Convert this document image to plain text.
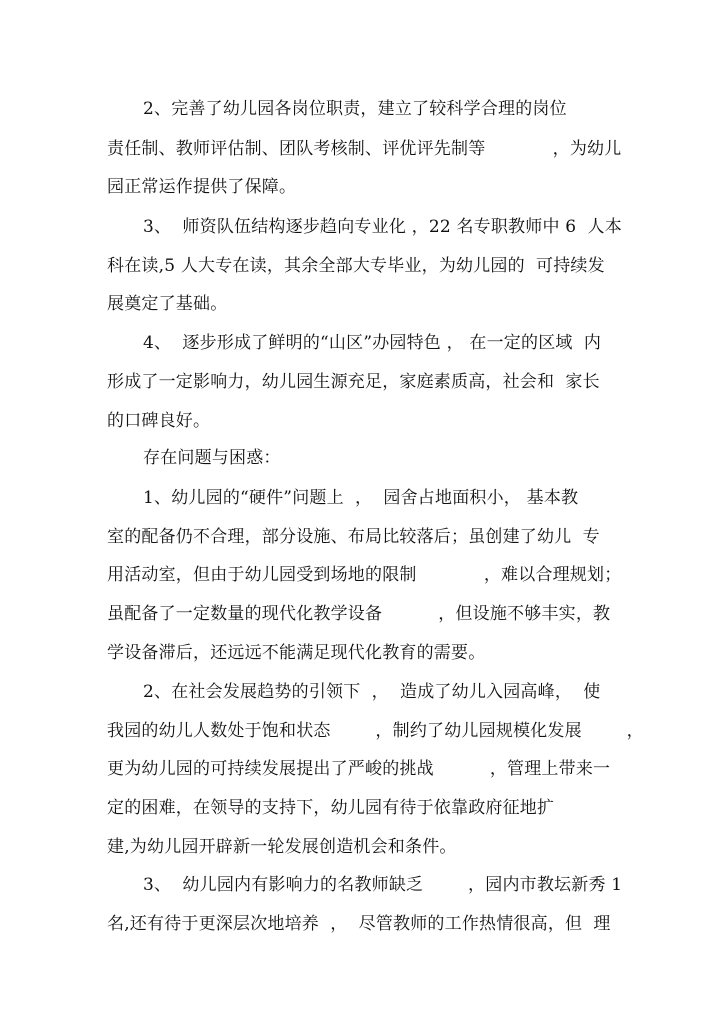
2、完善了幼儿园各岗位职责，建立了较科学合理的岗位
责任制、教师评估制、团队考核制、评优评先制等            ，为幼儿
园正常运作提供了保障。
3、  师资队伍结构逐步趋向专业化 ，22 名专职教师中 6  人本
科在读,5 人大专在读，其余全部大专毕业，为幼儿园的  可持续发
展奠定了基础。
4、  逐步形成了鲜明的“山区”办园特色 ， 在一定的区域  内
形成了一定影响力，幼儿园生源充足，家庭素质高，社会和  家长
的口碑良好。
存在问题与困惑：
1、幼儿园的“硬件”问题上  ，  园舍占地面积小， 基本教
室的配备仍不合理，部分设施、布局比较落后；虽创建了幼儿  专
用活动室，但由于幼儿园受到场地的限制            ，难以合理规划；
虽配备了一定数量的现代化教学设备          ，但设施不够丰实，教
学设备滞后，还远远不能满足现代化教育的需要。
2、在社会发展趋势的引领下  ，  造成了幼儿入园高峰，  使
我园的幼儿人数处于饱和状态        ，制约了幼儿园规模化发展        ，
更为幼儿园的可持续发展提出了严峻的挑战          ，管理上带来一
定的困难，在领导的支持下，幼儿园有待于依靠政府征地扩
建,为幼儿园开辟新一轮发展创造机会和条件。
3、  幼儿园内有影响力的名教师缺乏        ，园内市教坛新秀 1
名,还有待于更深层次地培养  ，  尽管教师的工作热情很高，但  理
